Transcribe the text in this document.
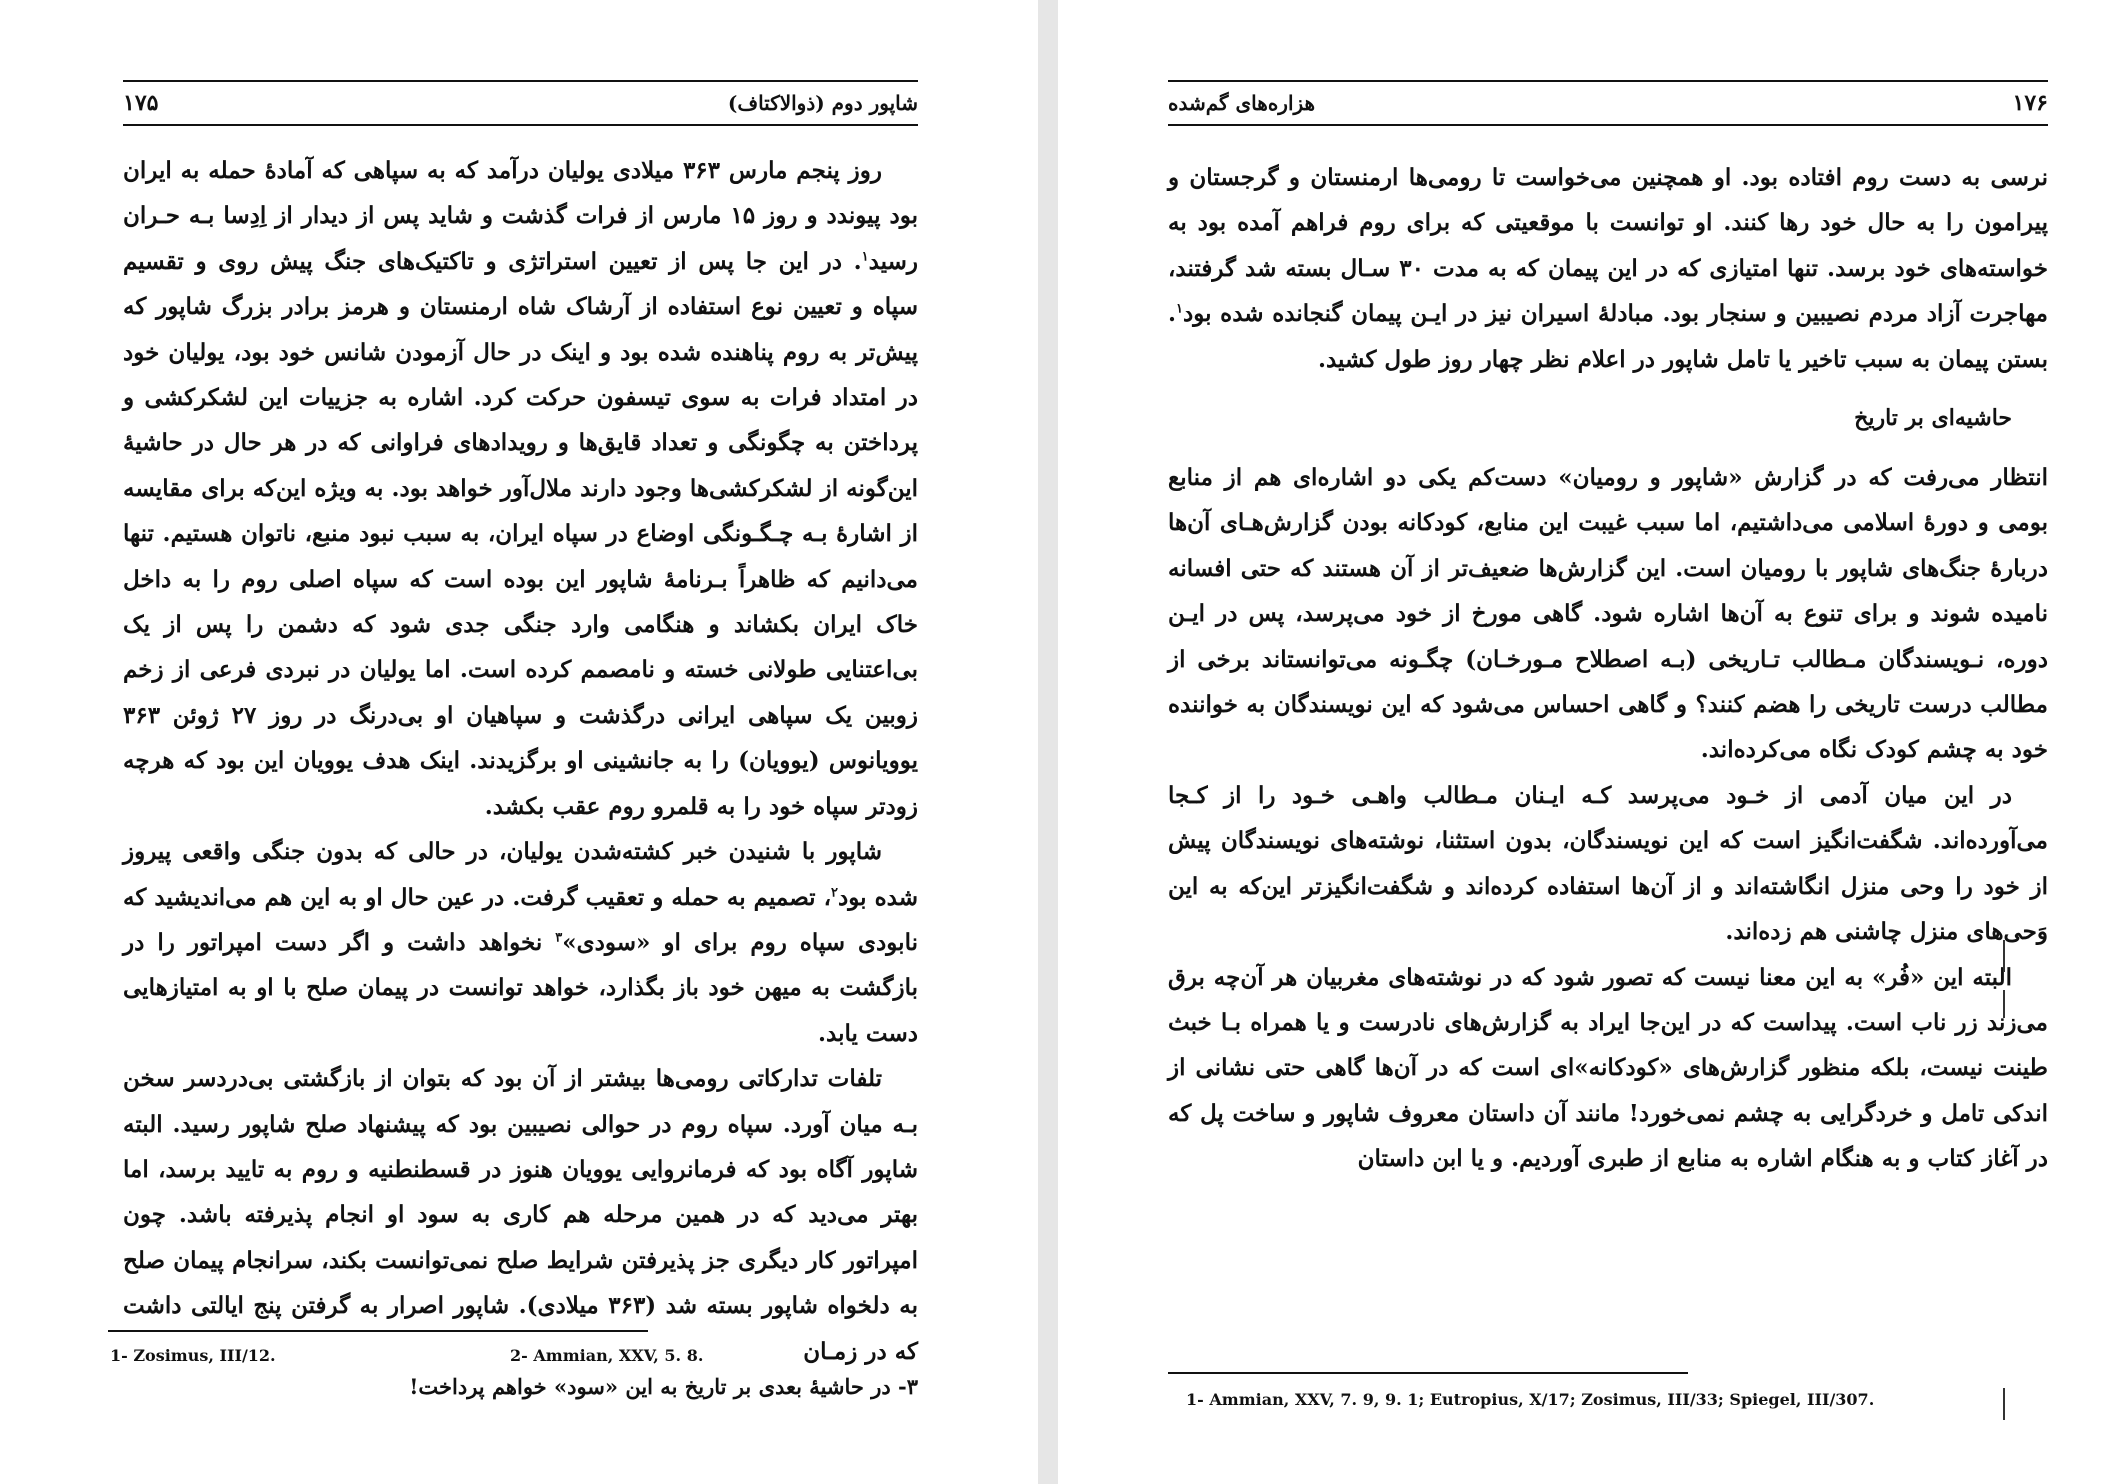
۱۷۵	شاپور دوم (ذوالاکتاف)

روز پنجم مارس ۳۶۳ میلادی یولیان درآمد که به سپاهی که آمادهٔ حمله به ایران بود پیوندد و روز ۱۵ مارس از فرات گذشت و شاید پس از دیدار از اِدِسا بـه حـران رسید$^۱$. در این جا پس از تعیین استراتژی و تاکتیک‌های جنگ پیش روی و تقسیم سپاه و تعیین نوع استفاده از آرشاک شاه ارمنستان و هرمز برادر بزرگ شاپور که پیش‌تر به روم پناهنده شده بود و اینک در حال آزمودن شانس خود بود، یولیان خود در امتداد فرات به سوی تیسفون حرکت کرد. اشاره به جزییات این لشکرکشی و پرداختن به چگونگی و تعداد قایق‌ها و رویدادهای فراوانی که در هر حال در حاشیهٔ این‌گونه از لشکرکشی‌ها وجود دارند ملال‌آور خواهد بود. به ویژه این‌که برای مقایسه از اشارهٔ بـه چـگـونگی اوضاع در سپاه ایران، به سبب نبود منبع، ناتوان هستیم. تنها می‌دانیم که ظاهراً بـرنامهٔ شاپور این بوده است که سپاه اصلی روم را به داخل خاک ایران بکشاند و هنگامی وارد جنگی جدی شود که دشمن را پس از یک بی‌اعتنایی طولانی خسته و نامصمم کرده است. اما یولیان در نبردی فرعی از زخم زوبین یک سپاهی ایرانی درگذشت و سپاهیان او بی‌درنگ در روز ۲۷ ژوئن ۳۶۳ یوویانوس (یوویان) را به جانشینی او برگزیدند. اینک هدف یوویان این بود که هرچه زودتر سپاه خود را به قلمرو روم عقب بکشد.

شاپور با شنیدن خبر کشته‌شدن یولیان، در حالی که بدون جنگی واقعی پیروز شده بود$^۲$، تصمیم به حمله و تعقیب گرفت. در عین حال او به این هم می‌اندیشید که نابودی سپاه روم برای او «سودی»$^۳$ نخواهد داشت و اگر دست امپراتور را در بازگشت به میهن خود باز بگذارد، خواهد توانست در پیمان صلح با او به امتیازهایی دست یابد.

تلفات تدارکاتی رومی‌ها بیشتر از آن بود که بتوان از بازگشتی بی‌دردسر سخن بـه میان آورد. سپاه روم در حوالی نصیبین بود که پیشنهاد صلح شاپور رسید. البته شاپور آگاه بود که فرمانروایی یوویان هنوز در قسطنطنیه و روم به تایید برسد، اما بهتر می‌دید که در همین مرحله هم کاری به سود او انجام پذیرفته باشد. چون امپراتور کار دیگری جز پذیرفتن شرایط صلح نمی‌توانست بکند، سرانجام پیمان صلح به دلخواه شاپور بسته شد (۳۶۳ میلادی). شاپور اصرار به گرفتن پنج ایالتی داشت که در زمـان

1- Zosimus, III/12.	2- Ammian, XXV, 5. 8.
۳- در حاشیهٔ بعدی بر تاریخ به این «سود» خواهم پرداخت!
هزاره‌های گم‌شده	۱۷۶

نرسی به دست روم افتاده بود. او همچنین می‌خواست تا رومی‌ها ارمنستان و گرجستان و پیرامون را به حال خود رها کنند. او توانست با موقعیتی که برای روم فراهم آمده بود به خواسته‌های خود برسد. تنها امتیازی که در این پیمان که به مدت ۳۰ سـال بسته شد گرفتند، مهاجرت آزاد مردم نصیبین و سنجار بود. مبادلهٔ اسیران نیز در ایـن پیمان گنجانده شده بود$^۱$. بستن پیمان به سبب تاخیر یا تامل شاپور در اعلام نظر چهار روز طول کشید.

حاشیه‌ای بر تاریخ

انتظار می‌رفت که در گزارش «شاپور و رومیان» دست‌کم یکی دو اشاره‌ای هم از منابع بومی و دورهٔ اسلامی می‌داشتیم، اما سبب غیبت این منابع، کودکانه بودن گزارش‌هـای آن‌ها دربارهٔ جنگ‌های شاپور با رومیان است. این گزارش‌ها ضعیف‌تر از آن هستند که حتی افسانه نامیده شوند و برای تنوع به آن‌ها اشاره شود. گاهی مورخ از خود می‌پرسد، پس در ایـن دوره، نـویسندگان مـطالب تـاریخی (بـه اصطلاح مـورخـان) چگـونه می‌توانستاند برخی از مطالب درست تاریخی را هضم کنند؟ و گاهی احساس می‌شود که این نویسندگان به خواننده خود به چشم کودک نگاه می‌کرده‌اند.

در این میان آدمی از خـود می‌پرسد کـه ایـنان مـطالب واهـی خـود را از کـجا می‌آورده‌اند. شگفت‌انگیز است که این نویسندگان، بدون استثنا، نوشته‌های نویسندگان پیش از خود را وحی منزل انگاشته‌اند و از آن‌ها استفاده کرده‌اند و شگفت‌انگیزتر این‌که به این وَحی‌های منزل چاشنی هم زده‌اند.

البته این «فُر» به این معنا نیست که تصور شود که در نوشته‌های مغربیان هر آن‌چه برق می‌زند زر ناب است. پیداست که در این‌جا ایراد به گزارش‌های نادرست و یا همراه بـا خبث طینت نیست، بلکه منظور گزارش‌های «کودکانه»‌ای است که در آن‌ها گاهی حتی نشانی از اندکی تامل و خردگرایی به چشم نمی‌خورد! مانند آن داستان معروف شاپور و ساخت پل که در آغاز کتاب و به هنگام اشاره به منابع از طبری آوردیم. و یا ابن داستان

1- Ammian, XXV, 7. 9, 9. 1; Eutropius, X/17; Zosimus, III/33; Spiegel, III/307.
